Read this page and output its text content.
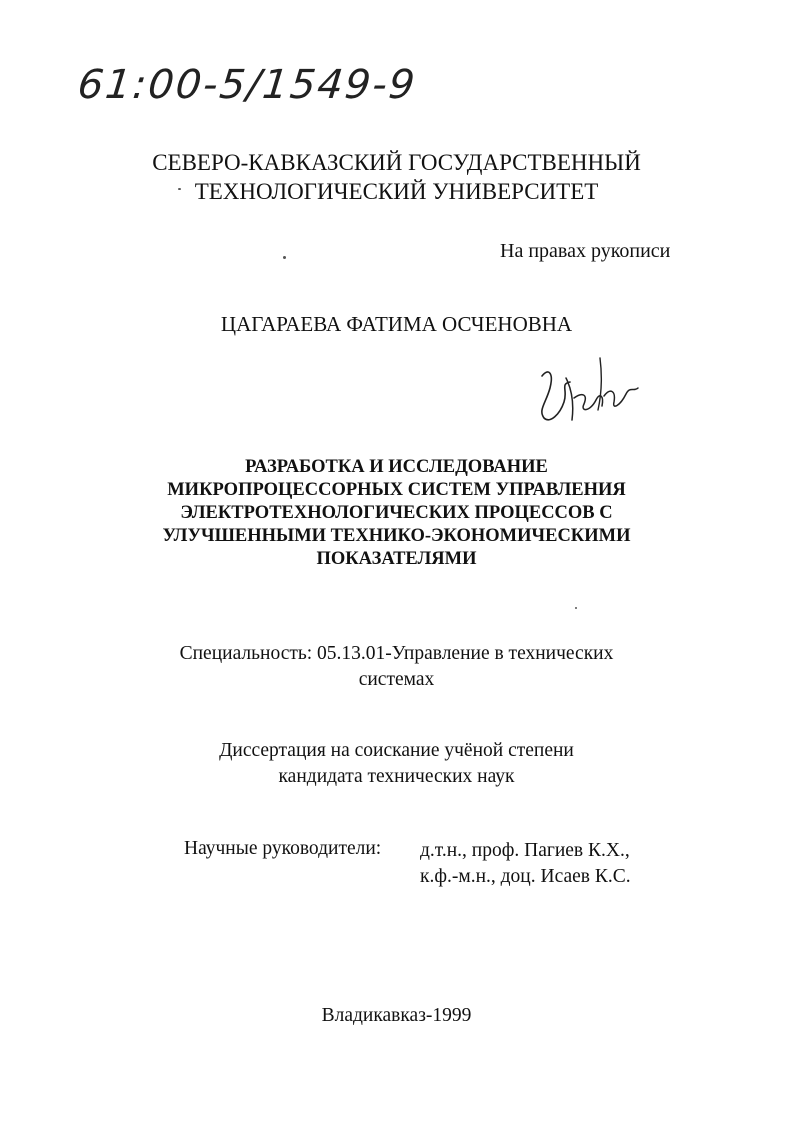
61:00-5/1549-9
СЕВЕРО-КАВКАЗСКИЙ ГОСУДАРСТВЕННЫЙ
ТЕХНОЛОГИЧЕСКИЙ УНИВЕРСИТЕТ
На правах рукописи
ЦАГАРАЕВА ФАТИМА ОСЧЕНОВНА
РАЗРАБОТКА И ИССЛЕДОВАНИЕ
МИКРОПРОЦЕССОРНЫХ СИСТЕМ УПРАВЛЕНИЯ
ЭЛЕКТРОТЕХНОЛОГИЧЕСКИХ ПРОЦЕССОВ С
УЛУЧШЕННЫМИ ТЕХНИКО-ЭКОНОМИЧЕСКИМИ
ПОКАЗАТЕЛЯМИ
Специальность: 05.13.01-Управление в технических
системах
Диссертация на соискание учёной степени
кандидата технических наук
Научные руководители: д.т.н., проф. Пагиев К.Х.,
к.ф.-м.н., доц. Исаев К.С.
Владикавказ-1999
